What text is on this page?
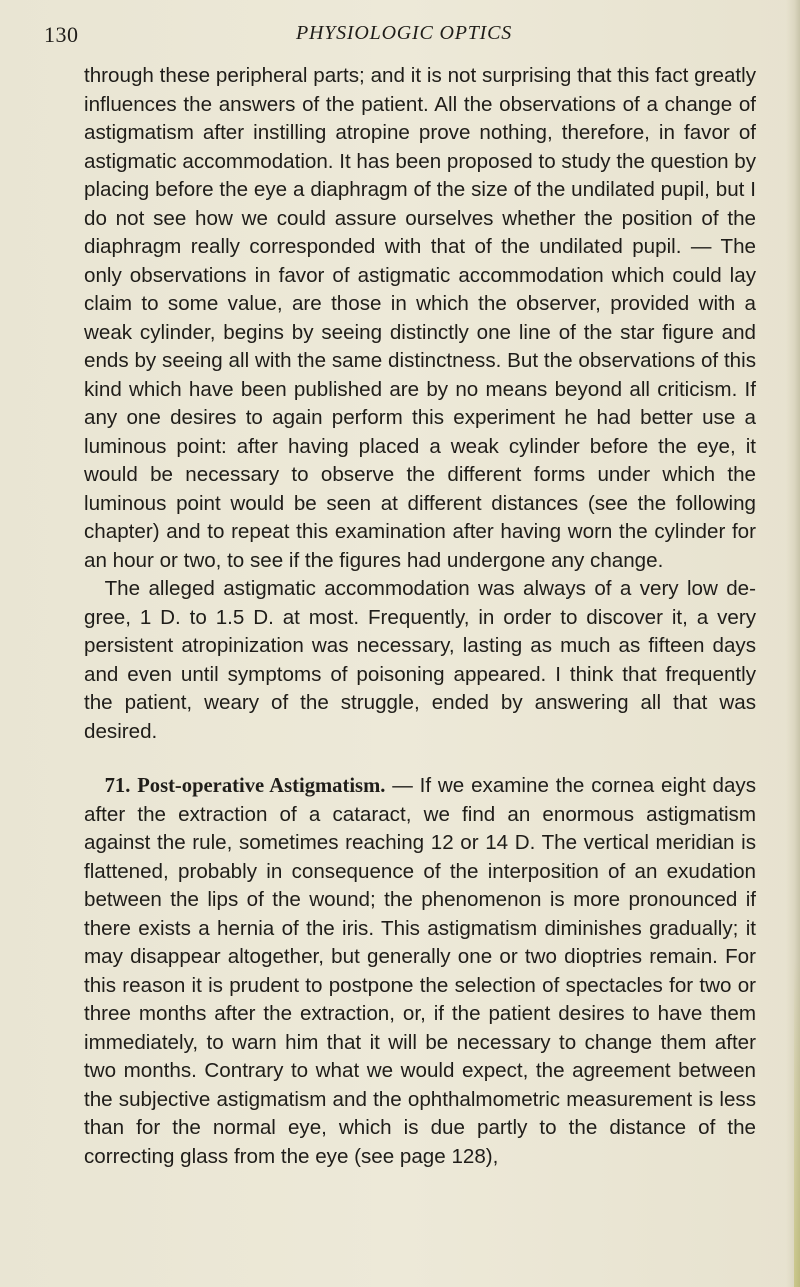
130	PHYSIOLOGIC OPTICS

through these peripheral parts; and it is not surprising that this fact greatly influences the answers of the patient. All the observations of a change of astigmatism after instilling atropine prove nothing, therefore, in favor of astigmatic accommodation. It has been proposed to study the question by placing before the eye a diaphragm of the size of the undilated pupil, but I do not see how we could assure ourselves whether the position of the diaphragm really corresponded with that of the undilated pupil. — The only observations in favor of astigmatic accommodation which could lay claim to some value, are those in which the observer, provided with a weak cylinder, begins by seeing distinctly one line of the star figure and ends by seeing all with the same distinctness. But the observations of this kind which have been published are by no means beyond all criticism. If any one desires to again perform this experiment he had better use a luminous point: after having placed a weak cylinder before the eye, it would be necessary to observe the different forms under which the luminous point would be seen at different distances (see the following chapter) and to repeat this examination after having worn the cylinder for an hour or two, to see if the figures had undergone any change.

The alleged astigmatic accommodation was always of a very low degree, 1 D. to 1.5 D. at most. Frequently, in order to discover it, a very persistent atropinization was necessary, lasting as much as fifteen days and even until symptoms of poisoning appeared. I think that frequently the patient, weary of the struggle, ended by answering all that was desired.

71. Post-operative Astigmatism. — If we examine the cornea eight days after the extraction of a cataract, we find an enormous astigmatism against the rule, sometimes reaching 12 or 14 D. The vertical meridian is flattened, probably in consequence of the interposition of an exudation between the lips of the wound; the phenomenon is more pronounced if there exists a hernia of the iris. This astigmatism diminishes gradually; it may disappear altogether, but generally one or two dioptries remain. For this reason it is prudent to postpone the selection of spectacles for two or three months after the extraction, or, if the patient desires to have them immediately, to warn him that it will be necessary to change them after two months. Contrary to what we would expect, the agreement between the subjective astigmatism and the ophthalmometric measurement is less than for the normal eye, which is due partly to the distance of the correcting glass from the eye (see page 128),
